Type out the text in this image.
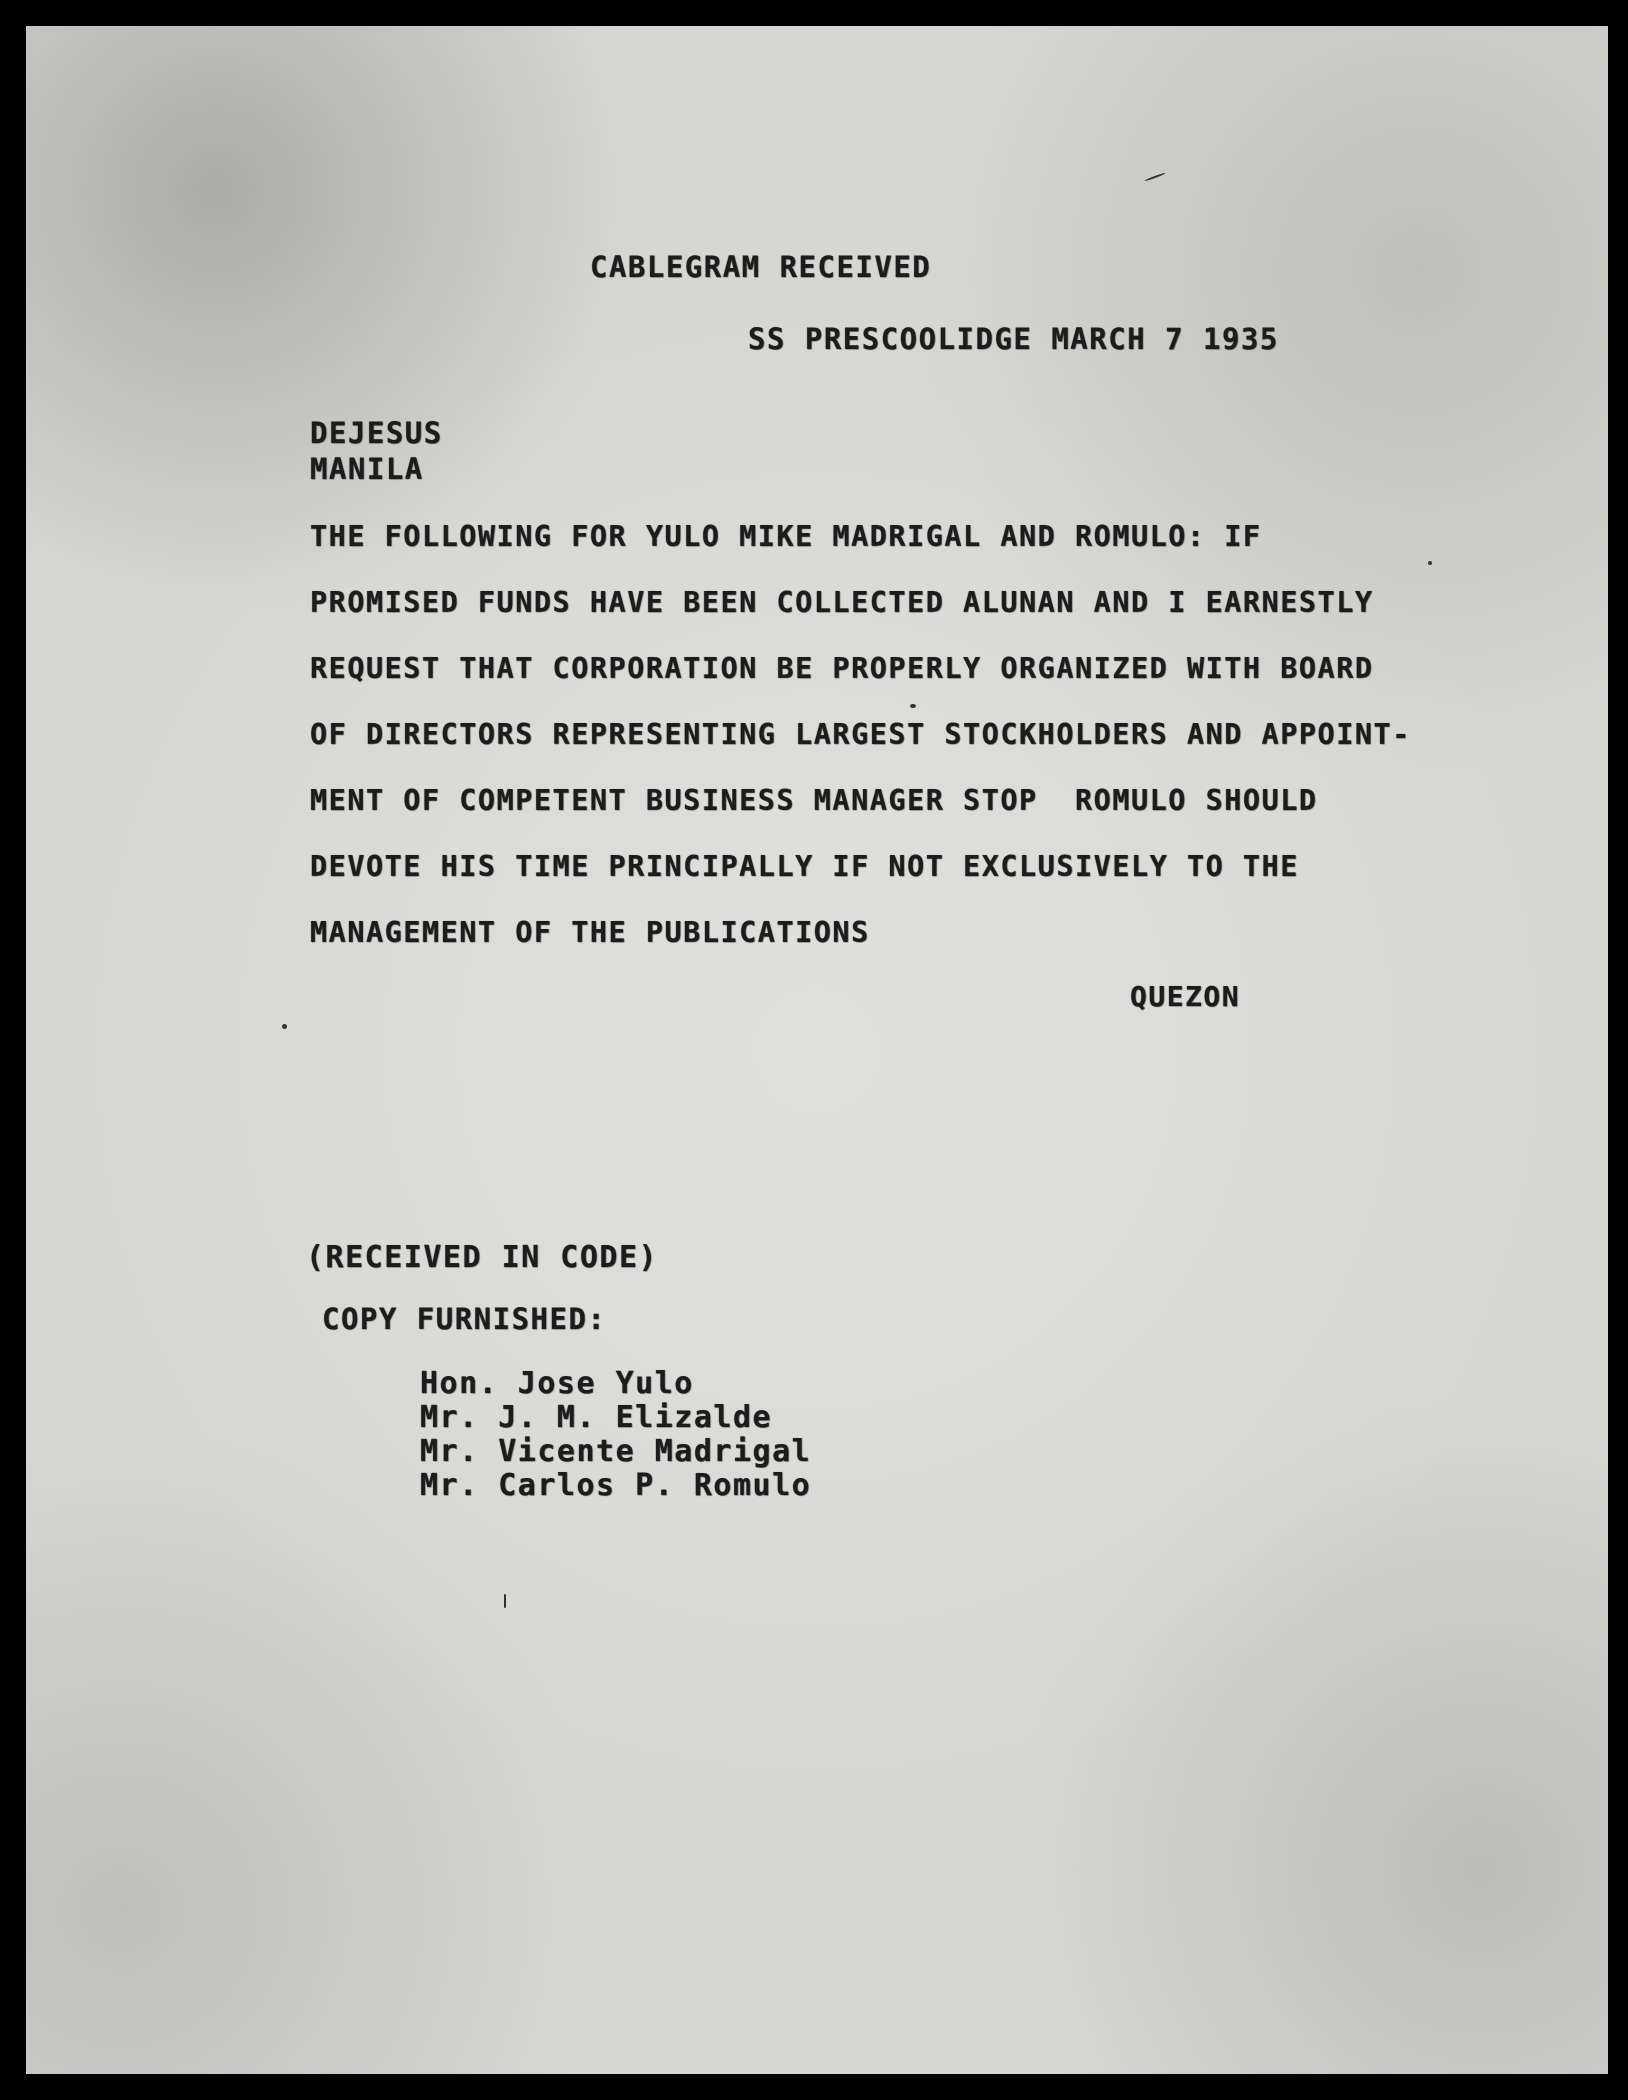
CABLEGRAM RECEIVED
SS PRESCOOLIDGE MARCH 7 1935
DEJESUS
MANILA
THE FOLLOWING FOR YULO MIKE MADRIGAL AND ROMULO: IF
PROMISED FUNDS HAVE BEEN COLLECTED ALUNAN AND I EARNESTLY
REQUEST THAT CORPORATION BE PROPERLY ORGANIZED WITH BOARD
OF DIRECTORS REPRESENTING LARGEST STOCKHOLDERS AND APPOINT-
MENT OF COMPETENT BUSINESS MANAGER STOP  ROMULO SHOULD
DEVOTE HIS TIME PRINCIPALLY IF NOT EXCLUSIVELY TO THE
MANAGEMENT OF THE PUBLICATIONS
QUEZON
(RECEIVED IN CODE)
COPY FURNISHED:
Hon. Jose Yulo
Mr. J. M. Elizalde
Mr. Vicente Madrigal
Mr. Carlos P. Romulo
